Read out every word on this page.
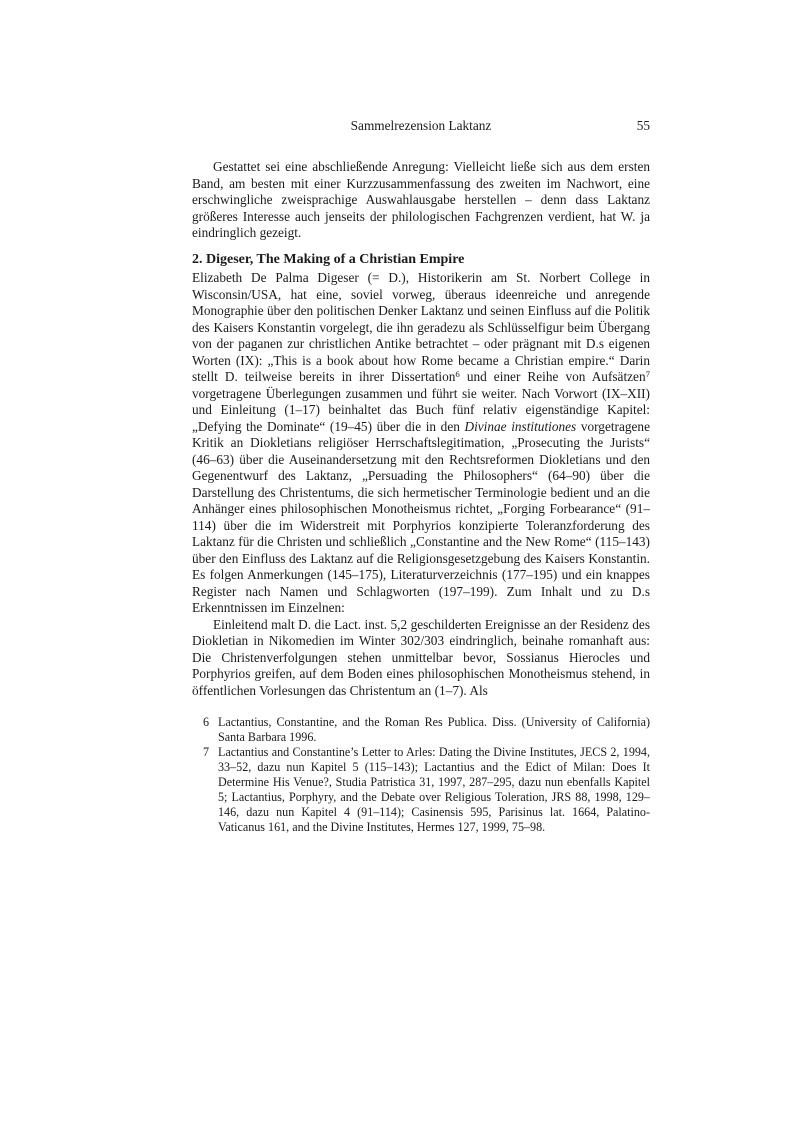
Sammelrezension Laktanz	55

Gestattet sei eine abschließende Anregung: Vielleicht ließe sich aus dem ersten Band, am besten mit einer Kurzzusammenfassung des zweiten im Nachwort, eine erschwingliche zweisprachige Auswahlausgabe herstellen – denn dass Laktanz größeres Interesse auch jenseits der philologischen Fachgrenzen verdient, hat W. ja eindringlich gezeigt.

2. Digeser, The Making of a Christian Empire

Elizabeth De Palma Digeser (= D.), Historikerin am St. Norbert College in Wisconsin/USA, hat eine, soviel vorweg, überaus ideenreiche und anregende Monographie über den politischen Denker Laktanz und seinen Einfluss auf die Politik des Kaisers Konstantin vorgelegt, die ihn geradezu als Schlüsselfigur beim Übergang von der paganen zur christlichen Antike betrachtet – oder prägnant mit D.s eigenen Worten (IX): „This is a book about how Rome became a Christian empire.“ Darin stellt D. teilweise bereits in ihrer Dissertation$^6$ und einer Reihe von Aufsätzen$^7$ vorgetragene Überlegungen zusammen und führt sie weiter. Nach Vorwort (IX–XII) und Einleitung (1–17) beinhaltet das Buch fünf relativ eigenständige Kapitel: „Defying the Dominate“ (19–45) über die in den Divinae institutiones vorgetragene Kritik an Diokletians religiöser Herrschaftslegitimation, „Prosecuting the Jurists“ (46–63) über die Auseinandersetzung mit den Rechtsreformen Diokletians und den Gegenentwurf des Laktanz, „Persuading the Philosophers“ (64–90) über die Darstellung des Christentums, die sich hermetischer Terminologie bedient und an die Anhänger eines philosophischen Monotheismus richtet, „Forging Forbearance“ (91–114) über die im Widerstreit mit Porphyrios konzipierte Toleranzforderung des Laktanz für die Christen und schließlich „Constantine and the New Rome“ (115–143) über den Einfluss des Laktanz auf die Religionsgesetzgebung des Kaisers Konstantin. Es folgen Anmerkungen (145–175), Literaturverzeichnis (177–195) und ein knappes Register nach Namen und Schlagworten (197–199). Zum Inhalt und zu D.s Erkenntnissen im Einzelnen:

Einleitend malt D. die Lact. inst. 5,2 geschilderten Ereignisse an der Residenz des Diokletian in Nikomedien im Winter 302/303 eindringlich, beinahe romanhaft aus: Die Christenverfolgungen stehen unmittelbar bevor, Sossianus Hierocles und Porphyrios greifen, auf dem Boden eines philosophischen Monotheismus stehend, in öffentlichen Vorlesungen das Christentum an (1–7). Als

6 Lactantius, Constantine, and the Roman Res Publica. Diss. (University of California) Santa Barbara 1996.
7 Lactantius and Constantine’s Letter to Arles: Dating the Divine Institutes, JECS 2, 1994, 33–52, dazu nun Kapitel 5 (115–143); Lactantius and the Edict of Milan: Does It Determine His Venue?, Studia Patristica 31, 1997, 287–295, dazu nun ebenfalls Kapitel 5; Lactantius, Porphyry, and the Debate over Religious Toleration, JRS 88, 1998, 129–146, dazu nun Kapitel 4 (91–114); Casinensis 595, Parisinus lat. 1664, Palatino-Vaticanus 161, and the Divine Institutes, Hermes 127, 1999, 75–98.
